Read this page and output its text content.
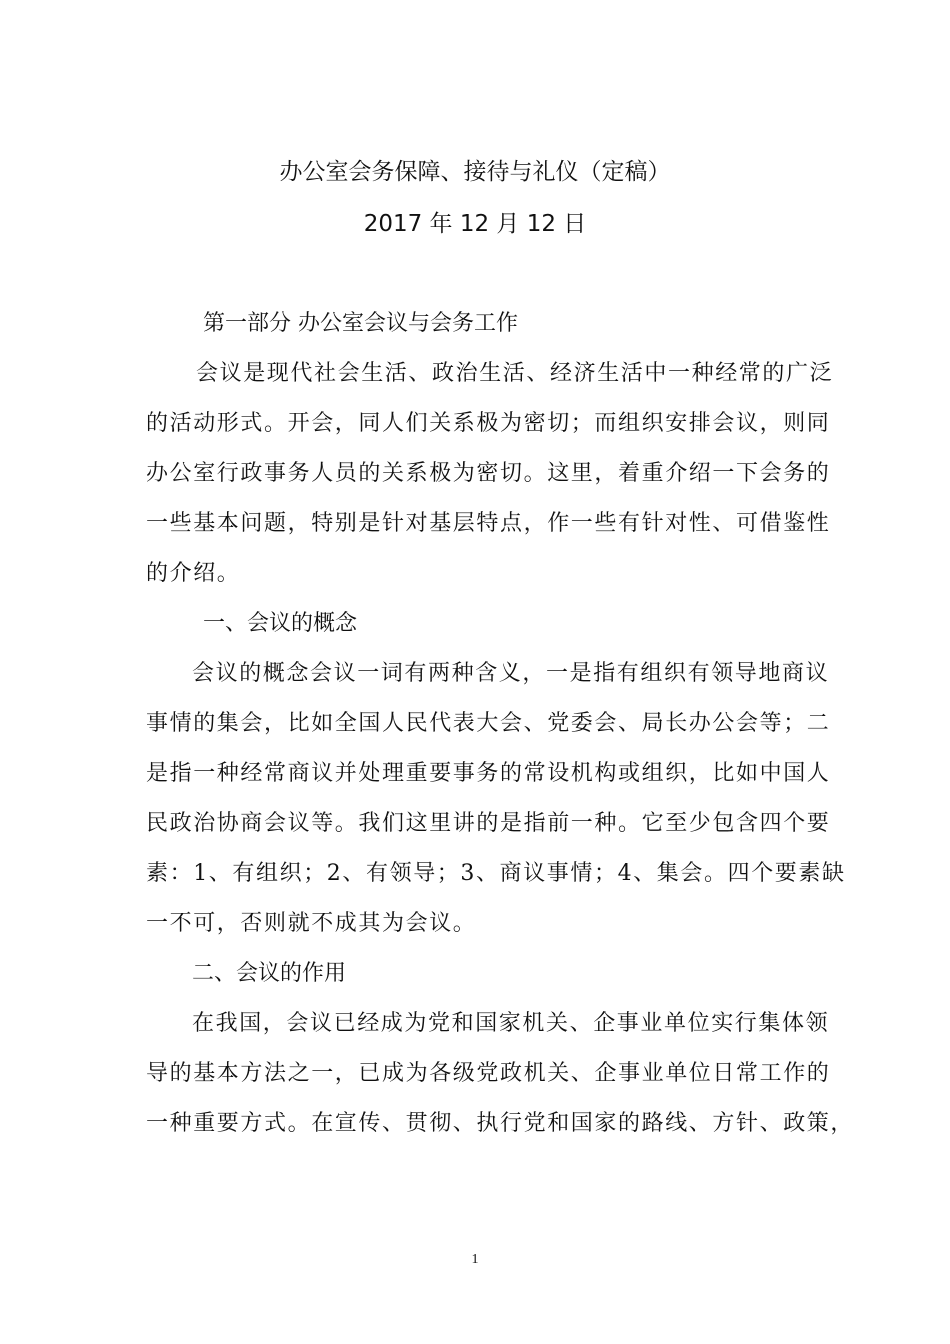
办公室会务保障、接待与礼仪（定稿）
2017 年 12 月 12 日
第一部分 办公室会议与会务工作
会议是现代社会生活、政治生活、经济生活中一种经常的广泛
的活动形式。开会，同人们关系极为密切；而组织安排会议，则同
办公室行政事务人员的关系极为密切。这里，着重介绍一下会务的
一些基本问题，特别是针对基层特点，作一些有针对性、可借鉴性
的介绍。
一、会议的概念
会议的概念会议一词有两种含义，一是指有组织有领导地商议
事情的集会，比如全国人民代表大会、党委会、局长办公会等；二
是指一种经常商议并处理重要事务的常设机构或组织，比如中国人
民政治协商会议等。我们这里讲的是指前一种。它至少包含四个要
素：1、有组织；2、有领导；3、商议事情；4、集会。四个要素缺
一不可，否则就不成其为会议。
二、会议的作用
在我国，会议已经成为党和国家机关、企事业单位实行集体领
导的基本方法之一，已成为各级党政机关、企事业单位日常工作的
一种重要方式。在宣传、贯彻、执行党和国家的路线、方针、政策，
1
